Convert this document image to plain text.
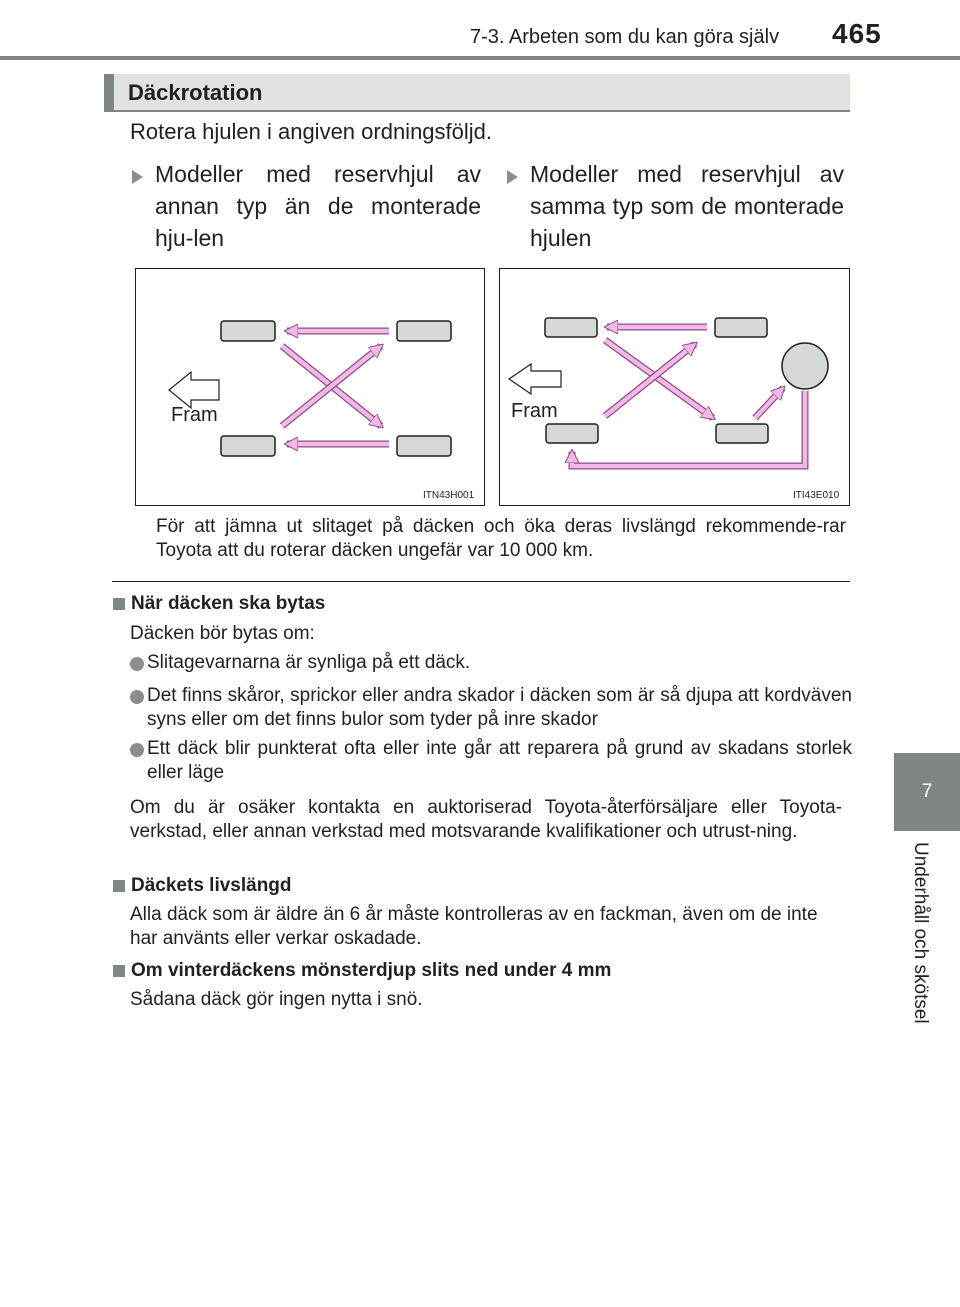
7-3. Arbeten som du kan göra själv 465
7
Underhåll och skötsel
Däckrotation
Rotera hjulen i angiven ordningsföljd.
Modeller med reservhjul av annan typ än de monterade hju-len
Modeller med reservhjul av samma typ som de monterade hjulen
Fram
ITN43H001
Fram
ITI43E010
För att jämna ut slitaget på däcken och öka deras livslängd rekommende-rar Toyota att du roterar däcken ungefär var 10 000 km.
När däcken ska bytas
Däcken bör bytas om:
Slitagevarnarna är synliga på ett däck.
Det finns skåror, sprickor eller andra skador i däcken som är så djupa att kordväven syns eller om det finns bulor som tyder på inre skador
Ett däck blir punkterat ofta eller inte går att reparera på grund av skadans storlek eller läge
Om du är osäker kontakta en auktoriserad Toyota-återförsäljare eller Toyota-verkstad, eller annan verkstad med motsvarande kvalifikationer och utrust-ning.
Däckets livslängd
Alla däck som är äldre än 6 år måste kontrolleras av en fackman, även om de inte har använts eller verkar oskadade.
Om vinterdäckens mönsterdjup slits ned under 4 mm
Sådana däck gör ingen nytta i snö.
